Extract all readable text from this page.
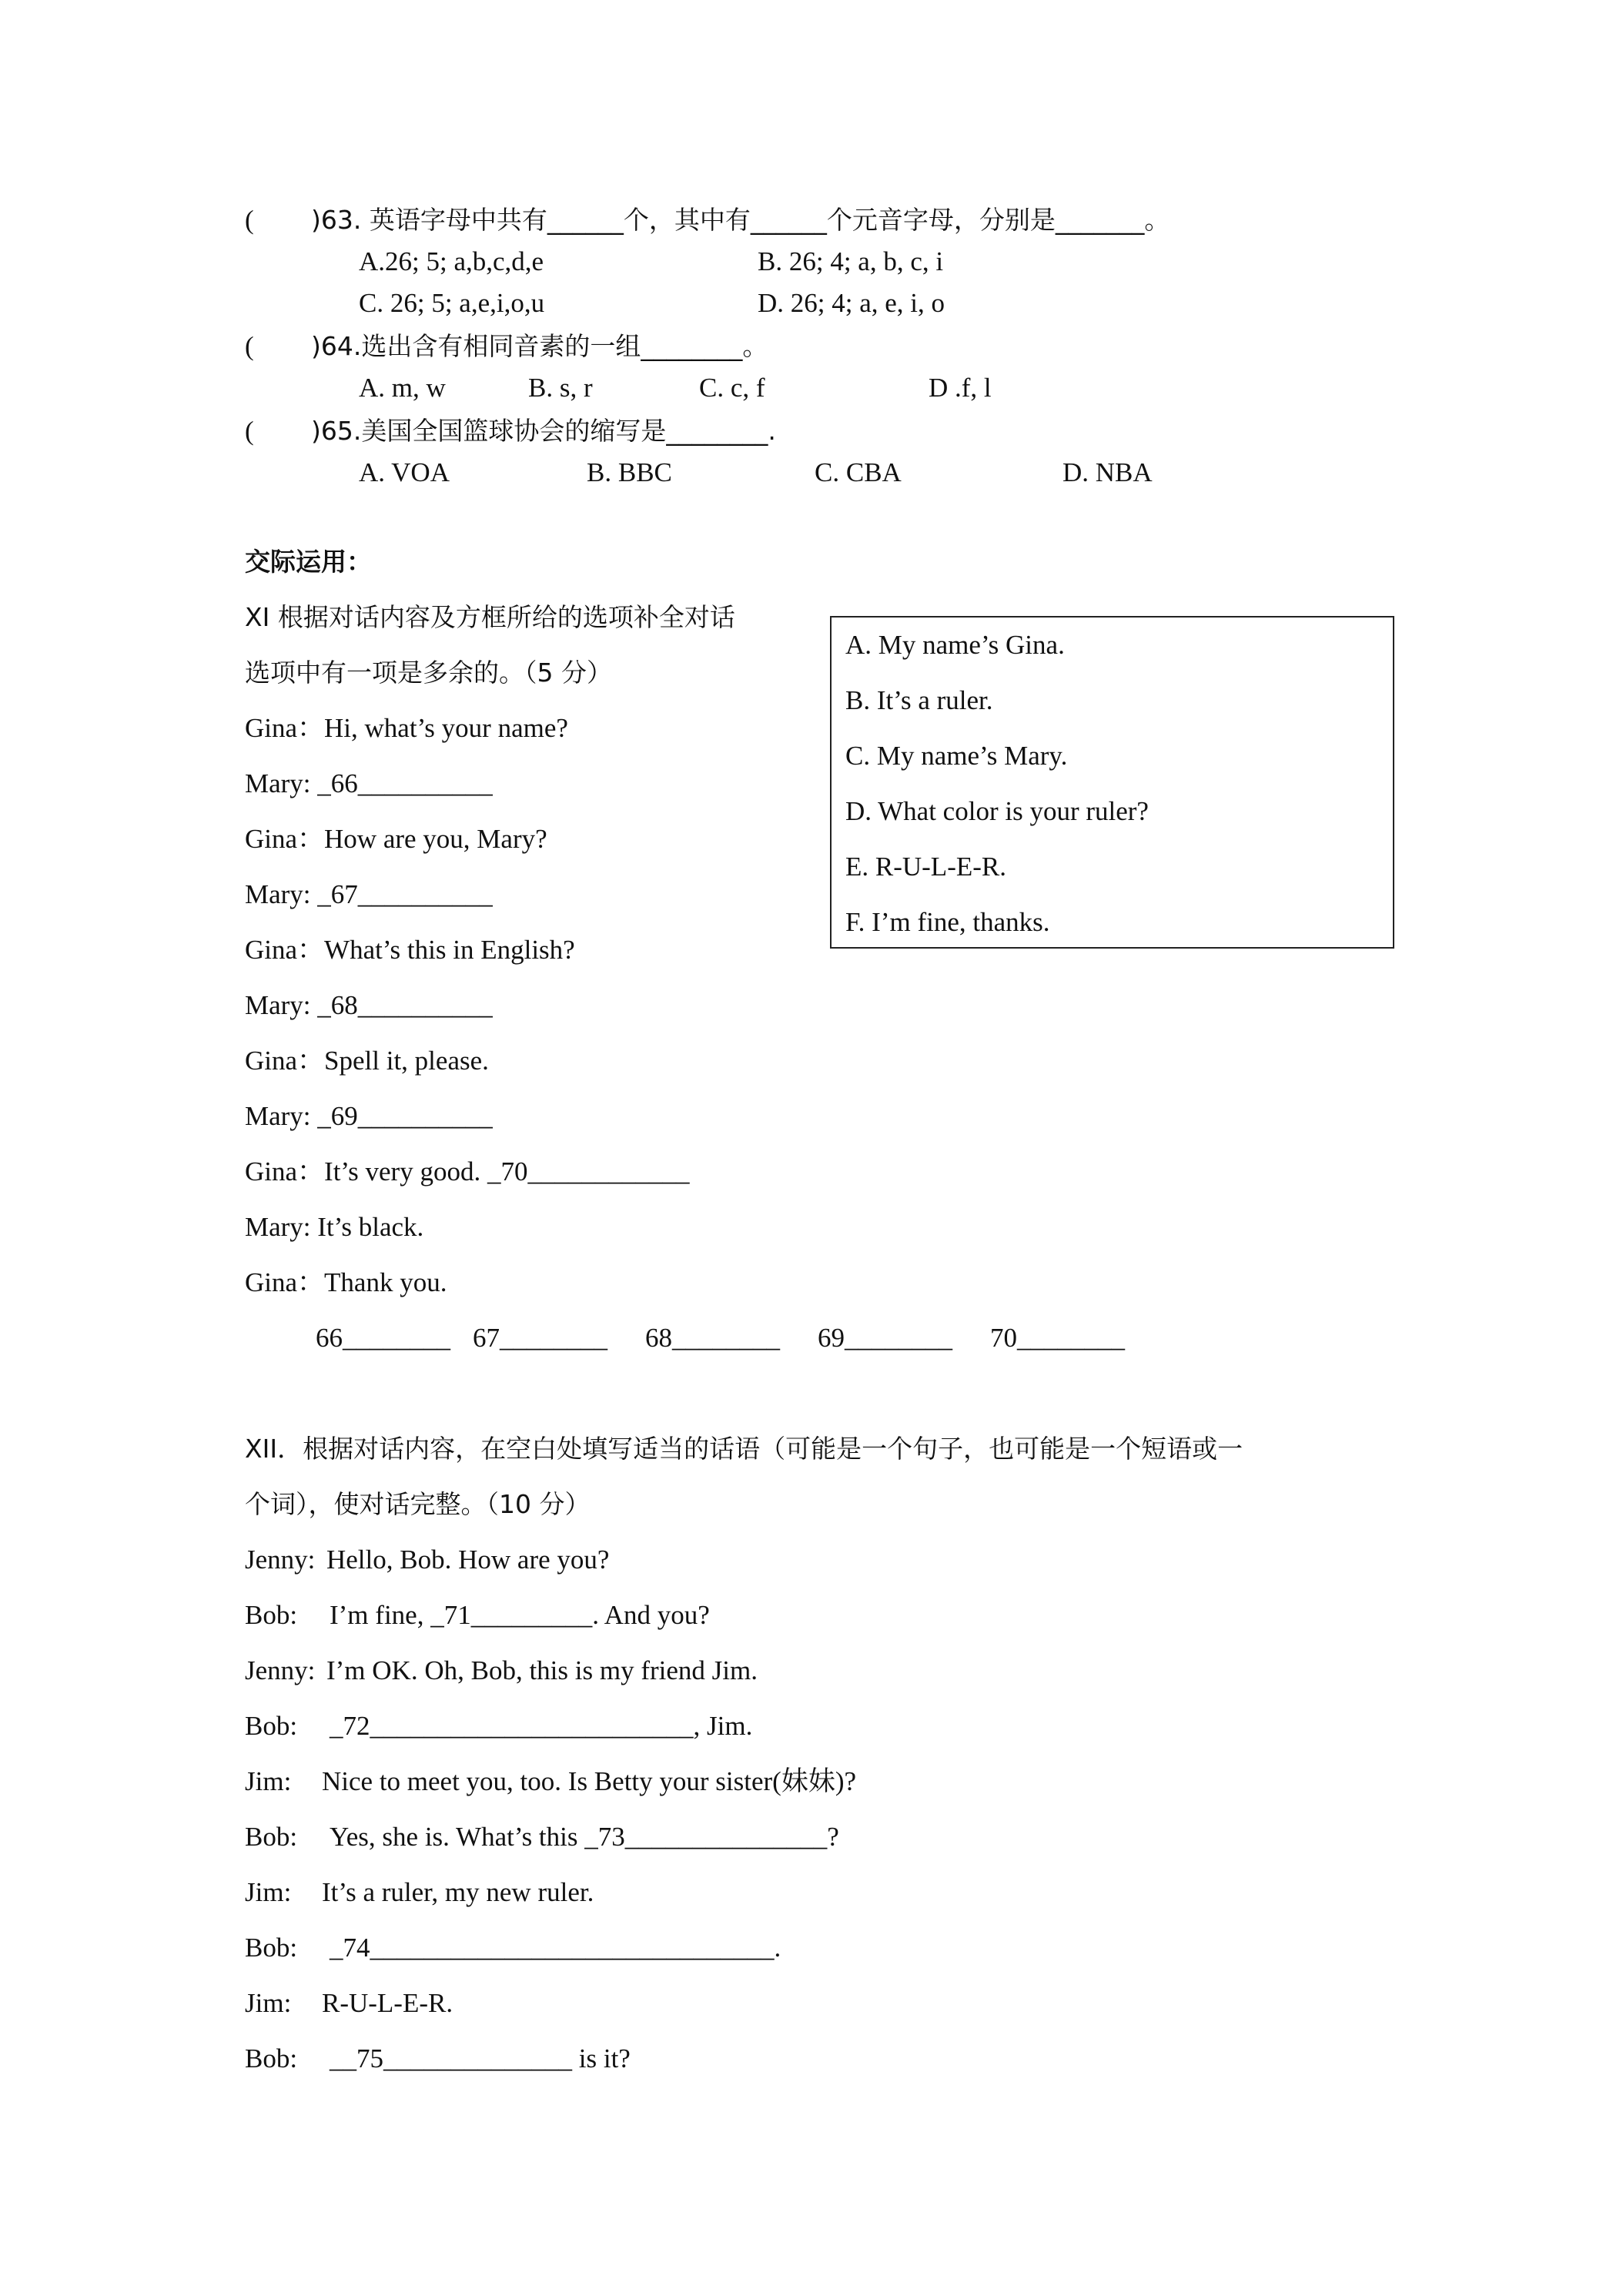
( )63. 英语字母中共有______个，其中有______个元音字母，分别是_______。
A.26; 5; a,b,c,d,e	B. 26; 4; a, b, c, i
C. 26; 5; a,e,i,o,u	D. 26; 4; a, e, i, o
( )64.选出含有相同音素的一组________。
A. m, w	B. s, r	C. c, f	D .f, l
( )65.美国全国篮球协会的缩写是________.
A. VOA	B. BBC	C. CBA	D. NBA
交际运用：
XI 根据对话内容及方框所给的选项补全对话
选项中有一项是多余的。（5 分）
Gina：Hi, what’s your name?
Mary: _66__________
Gina：How are you, Mary?
Mary: _67__________
Gina：What’s this in English?
Mary: _68__________
Gina：Spell it, please.
Mary: _69__________
Gina：It’s very good. _70____________
Mary: It’s black.
Gina：Thank you.
A. My name’s Gina.
B. It’s a ruler.
C. My name’s Mary.
D. What color is your ruler?
E. R-U-L-E-R.
F. I’m fine, thanks.
66________ 67________ 68________ 69________ 70________
XII．根据对话内容，在空白处填写适当的话语（可能是一个句子，也可能是一个短语或一
个词），使对话完整。（10 分）
Jenny: Hello, Bob. How are you?
Bob: I’m fine, _71_________. And you?
Jenny: I’m OK. Oh, Bob, this is my friend Jim.
Bob: _72________________________, Jim.
Jim: Nice to meet you, too. Is Betty your sister(妹妹)?
Bob: Yes, she is. What’s this _73_______________?
Jim: It’s a ruler, my new ruler.
Bob: _74______________________________.
Jim: R-U-L-E-R.
Bob: __75______________ is it?
